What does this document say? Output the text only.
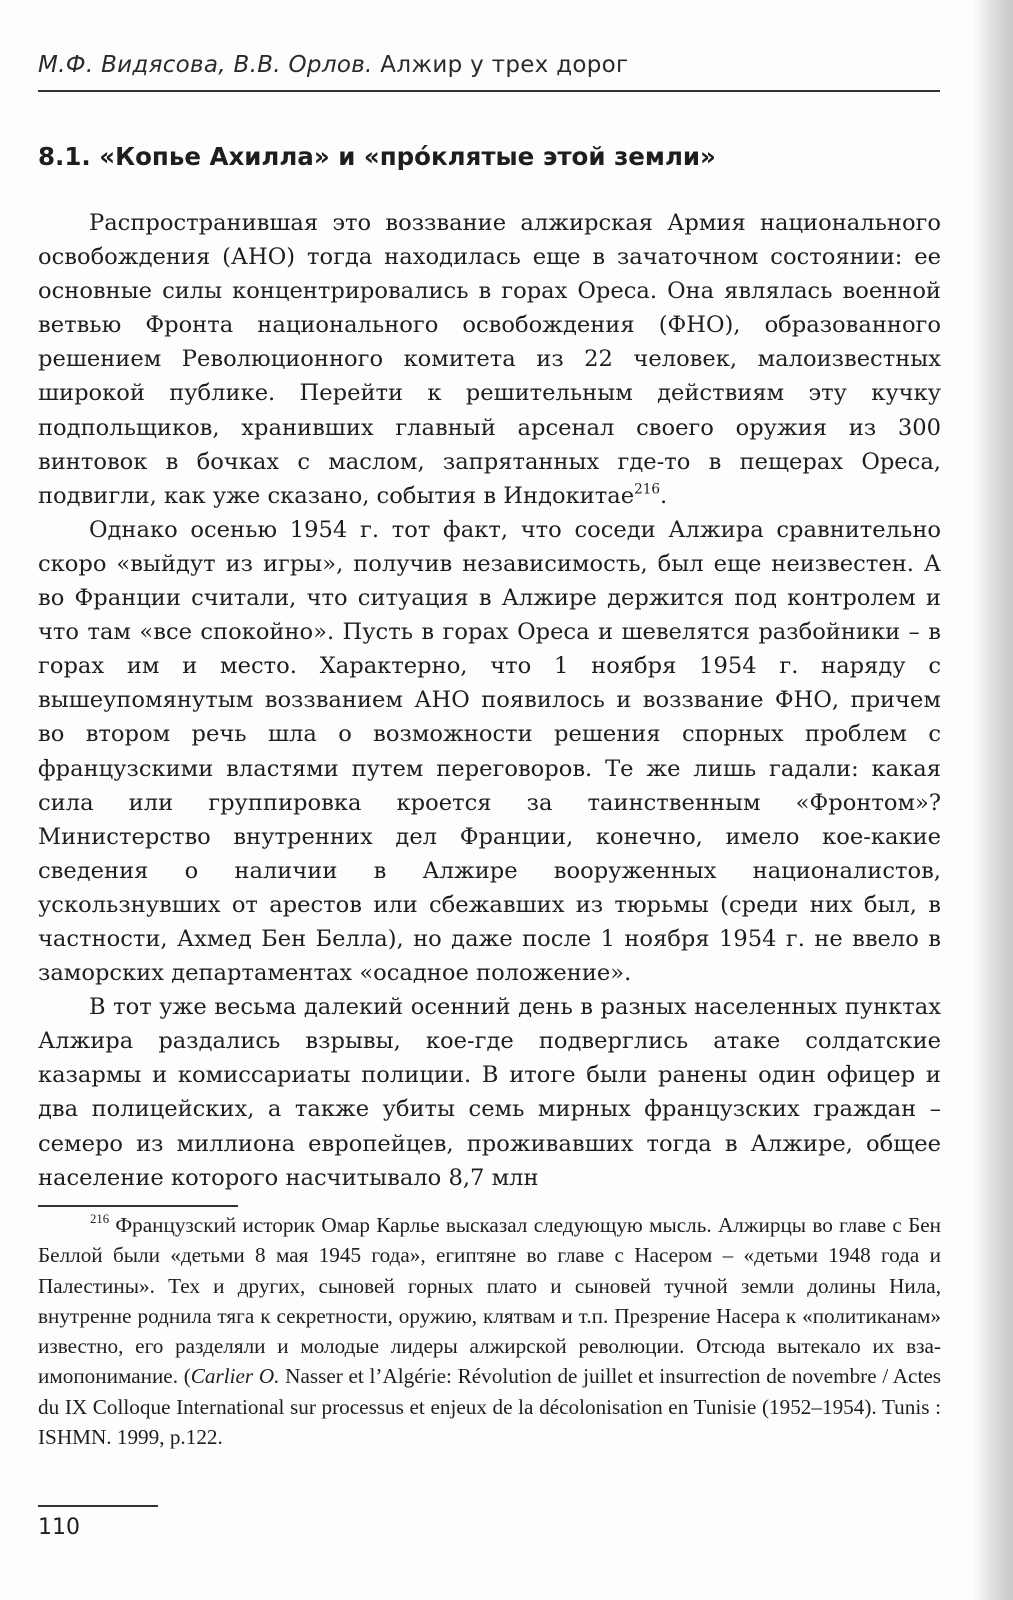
М.Ф. Видясова, В.В. Орлов. Алжир у трех дорог
8.1. «Копье Ахилла» и «прóклятые этой земли»

Распространившая это воззвание алжирская Армия национального освобождения (АНО) тогда находилась еще в зачаточном состоянии: ее основные силы концентрировались в горах Ореса. Она являлась военной ветвью Фронта национального освобождения (ФНО), образованного решением Революционного комитета из 22 человек, малоизвестных широкой публике. Перейти к решительным действиям эту кучку подпольщиков, хранивших главный арсенал своего оружия из 300 винтовок в бочках с маслом, запрятанных где-то в пещерах Ореса, подвигли, как уже сказано, события в Индокитае$^{216}$.

Однако осенью 1954 г. тот факт, что соседи Алжира сравнительно скоро «выйдут из игры», получив независимость, был еще неизвестен. А во Франции считали, что ситуация в Алжире держится под контролем и что там «все спокойно». Пусть в горах Ореса и шевелятся разбойники – в горах им и место. Характерно, что 1 ноября 1954 г. наряду с вышеупомянутым воззванием АНО появилось и воззвание ФНО, причем во втором речь шла о возможности решения спорных проблем с французскими властями путем переговоров. Те же лишь гадали: какая сила или группировка кроется за таинственным «Фронтом»? Министерство внутренних дел Франции, конечно, имело кое-какие сведения о наличии в Алжире вооруженных националистов, ускользнувших от арестов или сбежавших из тюрьмы (среди них был, в частности, Ахмед Бен Белла), но даже после 1 ноября 1954 г. не ввело в заморских департаментах «осадное положение».

В тот уже весьма далекий осенний день в разных населенных пунктах Алжира раздались взрывы, кое-где подверглись атаке солдатские казармы и комиссариаты полиции. В итоге были ранены один офицер и два полицейских, а также убиты семь мирных французских граждан – семеро из миллиона европейцев, проживавших тогда в Алжире, общее население которого насчитывало 8,7 млн

$^{216}$ Французский историк Омар Карлье высказал следующую мысль. Алжирцы во главе с Бен Беллой были «детьми 8 мая 1945 года», египтяне во главе с Насером – «детьми 1948 года и Палестины». Тех и других, сыновей горных плато и сыновей тучной земли долины Нила, внутренне роднила тяга к секретности, оружию, клятвам и т.п. Презрение Насера к «политиканам» известно, его разделяли и молодые лидеры алжирской революции. Отсюда вытекало их взаимопонимание. (Carlier O. Nasser et l’Algérie: Révolution de juillet et insurrection de novembre / Actes du IX Colloque International sur processus et enjeux de la décolonisation en Tunisie (1952–1954). Tunis : ISHMN. 1999, p.122.

110
